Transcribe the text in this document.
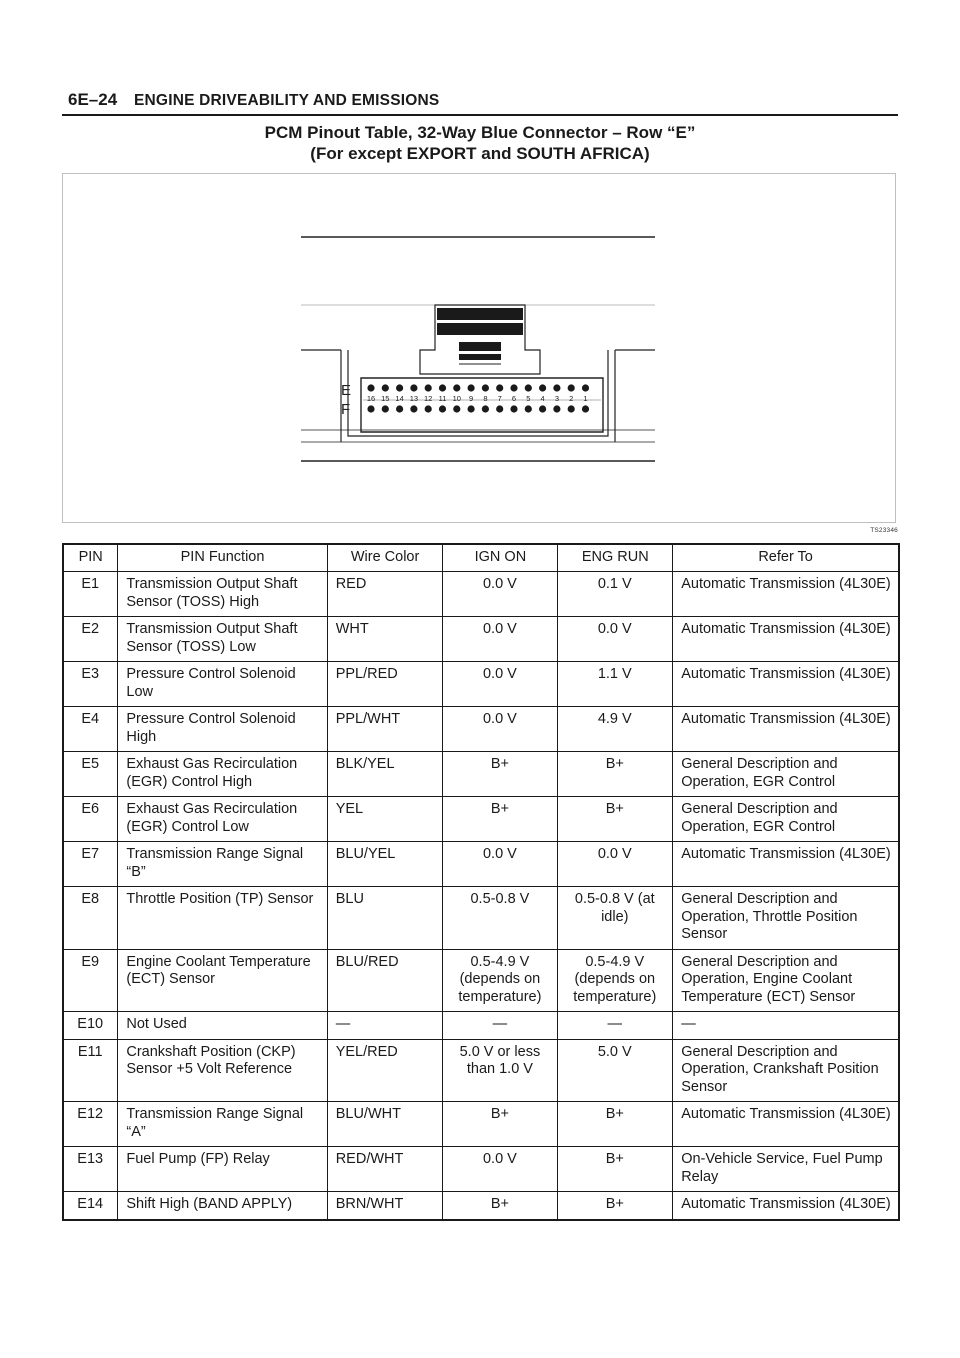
6E–24 ENGINE DRIVEABILITY AND EMISSIONS
PCM Pinout Table, 32-Way Blue Connector – Row “E”
(For except EXPORT and SOUTH AFRICA)
E
F
16 15 14 13 12 11 10 9 8 7 6 5 4 3 2 1
TS23346
PIN	PIN Function	Wire Color	IGN ON	ENG RUN	Refer To
E1	Transmission Output Shaft Sensor (TOSS) High	RED	0.0 V	0.1 V	Automatic Transmission (4L30E)
E2	Transmission Output Shaft Sensor (TOSS) Low	WHT	0.0 V	0.0 V	Automatic Transmission (4L30E)
E3	Pressure Control Solenoid Low	PPL/RED	0.0 V	1.1 V	Automatic Transmission (4L30E)
E4	Pressure Control Solenoid High	PPL/WHT	0.0 V	4.9 V	Automatic Transmission (4L30E)
E5	Exhaust Gas Recirculation (EGR) Control High	BLK/YEL	B+	B+	General Description and Operation, EGR Control
E6	Exhaust Gas Recirculation (EGR) Control Low	YEL	B+	B+	General Description and Operation, EGR Control
E7	Transmission Range Signal “B”	BLU/YEL	0.0 V	0.0 V	Automatic Transmission (4L30E)
E8	Throttle Position (TP) Sensor	BLU	0.5-0.8 V	0.5-0.8 V (at idle)	General Description and Operation, Throttle Position Sensor
E9	Engine Coolant Temperature (ECT) Sensor	BLU/RED	0.5-4.9 V (depends on temperature)	0.5-4.9 V (depends on temperature)	General Description and Operation, Engine Coolant Temperature (ECT) Sensor
E10	Not Used	—	—	—	—
E11	Crankshaft Position (CKP) Sensor +5 Volt Reference	YEL/RED	5.0 V or less than 1.0 V	5.0 V	General Description and Operation, Crankshaft Position Sensor
E12	Transmission Range Signal “A”	BLU/WHT	B+	B+	Automatic Transmission (4L30E)
E13	Fuel Pump (FP) Relay	RED/WHT	0.0 V	B+	On-Vehicle Service, Fuel Pump Relay
E14	Shift High (BAND APPLY)	BRN/WHT	B+	B+	Automatic Transmission (4L30E)
